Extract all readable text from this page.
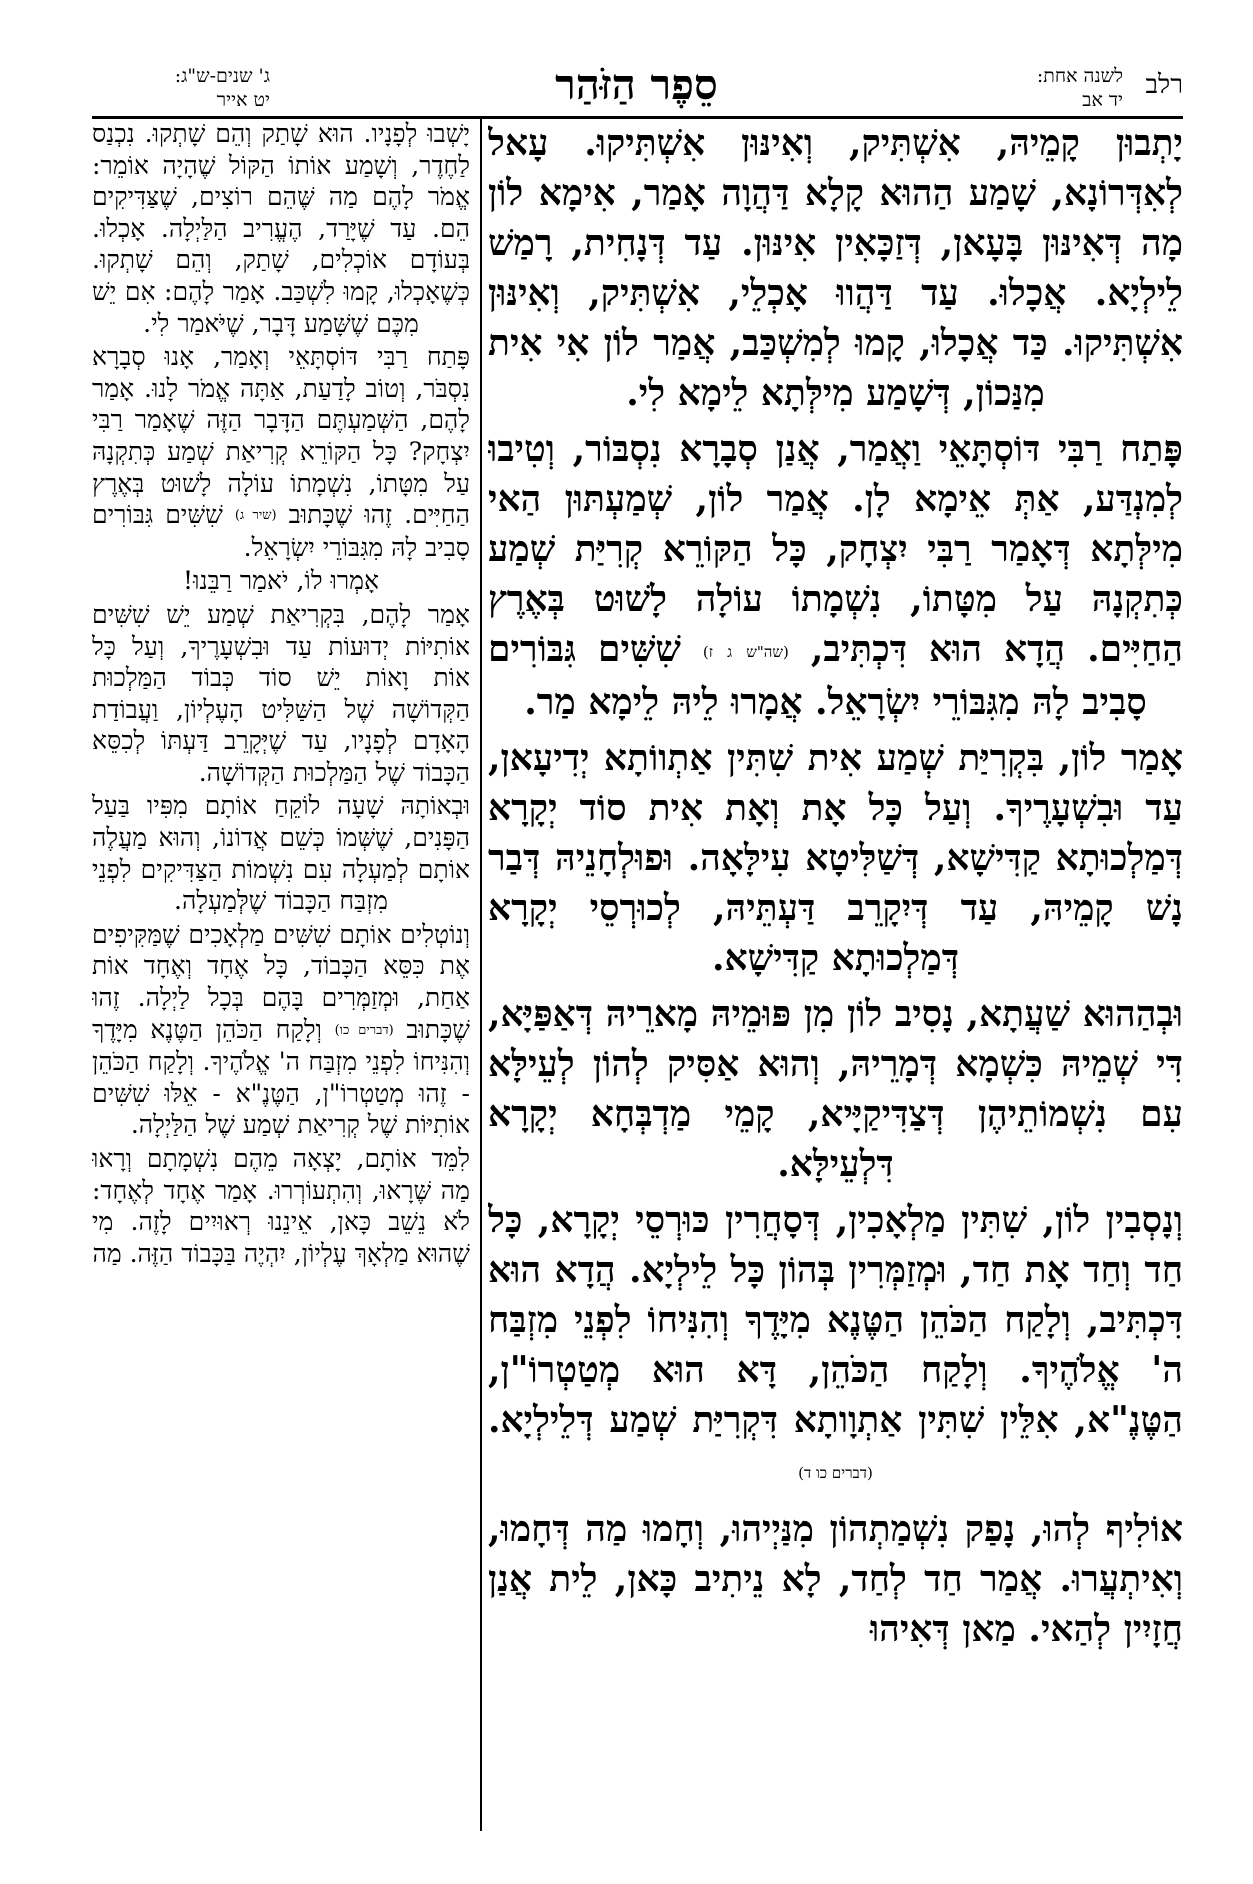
רלב
לשנה אחת:
יד אב
סֵפֶר הַזֹּהַר
ג' שנים-ש"ג:
יט אייר

יָתְבוּן קָמֵיהּ, אִשְׁתִּיק, וְאִינּוּן אִשְׁתִּיקוּ. עָאל לְאִדְּרוֹנָא, שָׁמַע הַהוּא קָלָא דַּהֲוָה אָמַר, אִימָא לוֹן מָה דְּאִינּוּן בָּעָאן, דְּזַכָּאִין אִינּוּן. עַד דְּנָחִית, רָמַשׁ לֵילְיָא. אֲכָלוּ. עַד דַּהֲווּ אָכְלֵי, אִשְׁתִּיק, וְאִינּוּן אִשְׁתִּיקוּ. כַּד אֲכָלוּ, קָמוּ לְמִשְׁכַּב, אֲמַר לוֹן אִי אִית מִנַּכוֹן, דְּשָׁמַע מִילְּתָא לֵימָא לִי.

פָּתַח רַבִּי דּוֹסְתָּאֵי וַאֲמַר, אֲנַן סְבָרָא נִסְבּוֹר, וְטִיבוּ לְמִנְדַּע, אַתְּ אֵימָא לָן. אֲמַר לוֹן, שְׁמַעְתּוּן הַאי מִילְּתָא דְּאָמַר רַבִּי יִצְחָק, כָּל הַקּוֹרֵא קְרִיַּת שְׁמַע כְּתִקְנָהּ עַל מִטָּתוֹ, נִשְׁמָתוֹ עוֹלָה לָשׁוּט בְּאֶרֶץ הַחַיִּים. הֲדָא הוּא דִּכְתִּיב, (שה"ש ג ז) שִׁשִּׁים גִּבּוֹרִים סָבִיב לָהּ מִגִּבּוֹרֵי יִשְׂרָאֵל. אֲמָרוּ לֵיהּ לֵימָא מַר.

אָמַר לוֹן, בִּקְרִיַּת שְׁמַע אִית שִׁתִּין אַתְווֹתָא יְדִיעָאן, עַד וּבִשְׁעָרֶיךָ. וְעַל כָּל אָת וְאָת אִית סוֹד יְקָרָא דְּמַלְכוּתָא קַדִּישָׁא, דְּשַׁלִּיטָא עִילָּאָה. וּפוּלְחָנֵיהּ דְּבַר נָשׁ קָמֵיהּ, עַד דְּיִקָרֵב דַּעְתֵּיהּ, לְכוּרְסֵי יְקָרָא דְּמַלְכוּתָא קַדִּישָׁא.

וּבְהַהוּא שַׁעֲתָא, נָסִיב לוֹן מִן פּוּמֵיהּ מָארֵיהּ דְּאַפַּיָּא, דִּי שְׁמֵיהּ כִּשְׁמָא דְּמָרֵיהּ, וְהוּא אַסִּיק לְהוֹן לְעֵילָּא עִם נִשְׁמוֹתֵיהֶן דְּצַדִּיקַיָּיא, קָמֵי מַדְבְּחָא יְקָרָא דִּלְעֵילָּא.

וְנָסְבִין לוֹן, שִׁתִּין מַלְאָכִין, דְּסָחֲרִין כּוּרְסֵי יְקָרָא, כָּל חַד וְחַד אָת חַד, וּמְזַמְּרִין בְּהוֹן כָּל לֵילְיָא. הֲדָא הוּא דִּכְתִּיב, וְלָקַח הַכֹּהֵן הַטֶּנֶא מִיָּדֶךָ וְהִנִּיחוֹ לִפְנֵי מִזְבַּח ה' אֱלֹהֶיךָ. וְלָקַח הַכֹּהֵן, דָּא הוּא מְטַטְרוֹ"ן, הַטֶּנֶ"א, אִלֵּין שִׁתִּין אַתְוָותָא דִּקְרִיַּת שְׁמַע דְּלֵילְיָא. (דברים כו ד)

אוֹלִיף לְהוּ, נָפַק נִשְׁמַתְהוֹן מִנַּיְיהוּ, וְחָמוּ מַה דְּחָמוּ, וְאִיתְעֲרוּ. אֲמַר חַד לְחַד, לָא נֵיתִיב כָּאן, לֵית אֲנַן חֲזָיִין לְהַאי. מַאן דְּאִיהוּ

יָשְׁבוּ לְפָנָיו. הוּא שָׁתַק וְהֵם שָׁתְקוּ. נִכְנַס לַחֶדֶר, וְשָׁמַע אוֹתוֹ הַקּוֹל שֶׁהָיָה אוֹמֵר: אֱמֹר לָהֶם מַה שֶּׁהֵם רוֹצִים, שֶׁצַּדִּיקִים הֵם. עַד שֶׁיָּרַד, הֶעֱרִיב הַלַּיְלָה. אָכְלוּ. בְּעוֹדָם אוֹכְלִים, שָׁתַק, וְהֵם שָׁתְקוּ. כְּשֶׁאָכְלוּ, קָמוּ לִשְׁכַּב. אָמַר לָהֶם: אִם יֵשׁ מִכֶּם שֶׁשָּׁמַע דָּבָר, שֶׁיֹּאמַר לִי.

פָּתַח רַבִּי דּוֹסְתָּאֵי וְאָמַר, אָנוּ סְבָרָא נִסְבֹּר, וְטוֹב לָדַעַת, אַתָּה אֱמֹר לָנוּ. אָמַר לָהֶם, הַשְּׁמַעְתֶּם הַדָּבָר הַזֶּה שֶׁאָמַר רַבִּי יִצְחָק? כָּל הַקּוֹרֵא קְרִיאַת שְׁמַע כְּתִקְנָהּ עַל מִטָּתוֹ, נִשְׁמָתוֹ עוֹלָה לָשׁוּט בְּאֶרֶץ הַחַיִּים. זֶהוּ שֶׁכָּתוּב (שיר ג) שִׁשִּׁים גִּבּוֹרִים סָבִיב לָהּ מִגִּבּוֹרֵי יִשְׂרָאֵל.

אָמְרוּ לוֹ, יֹאמַר רַבֵּנוּ!

אָמַר לָהֶם, בִּקְרִיאַת שְׁמַע יֵשׁ שִׁשִּׁים אוֹתִיּוֹת יְדוּעוֹת עַד וּבִשְׁעָרֶיךָ, וְעַל כָּל אוֹת וָאוֹת יֵשׁ סוֹד כְּבוֹד הַמַּלְכוּת הַקְּדוֹשָׁה שֶׁל הַשַּׁלִּיט הָעֶלְיוֹן, וַעֲבוֹדַת הָאָדָם לְפָנָיו, עַד שֶׁיְּקָרֵב דַּעְתּוֹ לְכִסֵּא הַכָּבוֹד שֶׁל הַמַּלְכוּת הַקְּדוֹשָׁה.

וּבְאוֹתָהּ שָׁעָה לוֹקֵחַ אוֹתָם מִפִּיו בַּעַל הַפָּנִים, שֶׁשְּׁמוֹ כְּשֵׁם אֲדוֹנוֹ, וְהוּא מַעֲלֶה אוֹתָם לְמַעְלָה עִם נִשְׁמוֹת הַצַּדִּיקִים לִפְנֵי מִזְבַּח הַכָּבוֹד שֶׁלְּמַעְלָה.

וְנוֹטְלִים אוֹתָם שִׁשִּׁים מַלְאָכִים שֶׁמַּקִּיפִים אֶת כִּסֵּא הַכָּבוֹד, כָּל אֶחָד וְאֶחָד אוֹת אַחַת, וּמְזַמְּרִים בָּהֶם בְּכָל לַיְלָה. זֶהוּ שֶׁכָּתוּב (דברים כו) וְלָקַח הַכֹּהֵן הַטֶּנֶא מִיָּדֶךָ וְהִנִּיחוֹ לִפְנֵי מִזְבַּח ה' אֱלֹהֶיךָ. וְלָקַח הַכֹּהֵן - זֶהוּ מְטַטְרוֹ"ן, הַטֶּנֶ"א - אֵלּוּ שִׁשִּׁים אוֹתִיּוֹת שֶׁל קְרִיאַת שְׁמַע שֶׁל הַלַּיְלָה.

לִמֵּד אוֹתָם, יָצְאָה מֵהֶם נִשְׁמָתָם וְרָאוּ מַה שֶּׁרָאוּ, וְהִתְעוֹרְרוּ. אָמַר אֶחָד לְאֶחָד: לֹא נֵשֵׁב כָּאן, אֵינֵנוּ רְאוּיִים לָזֶה. מִי שֶׁהוּא מַלְאָךְ עֶלְיוֹן, יִהְיֶה בַּכָּבוֹד הַזֶּה. מַה
